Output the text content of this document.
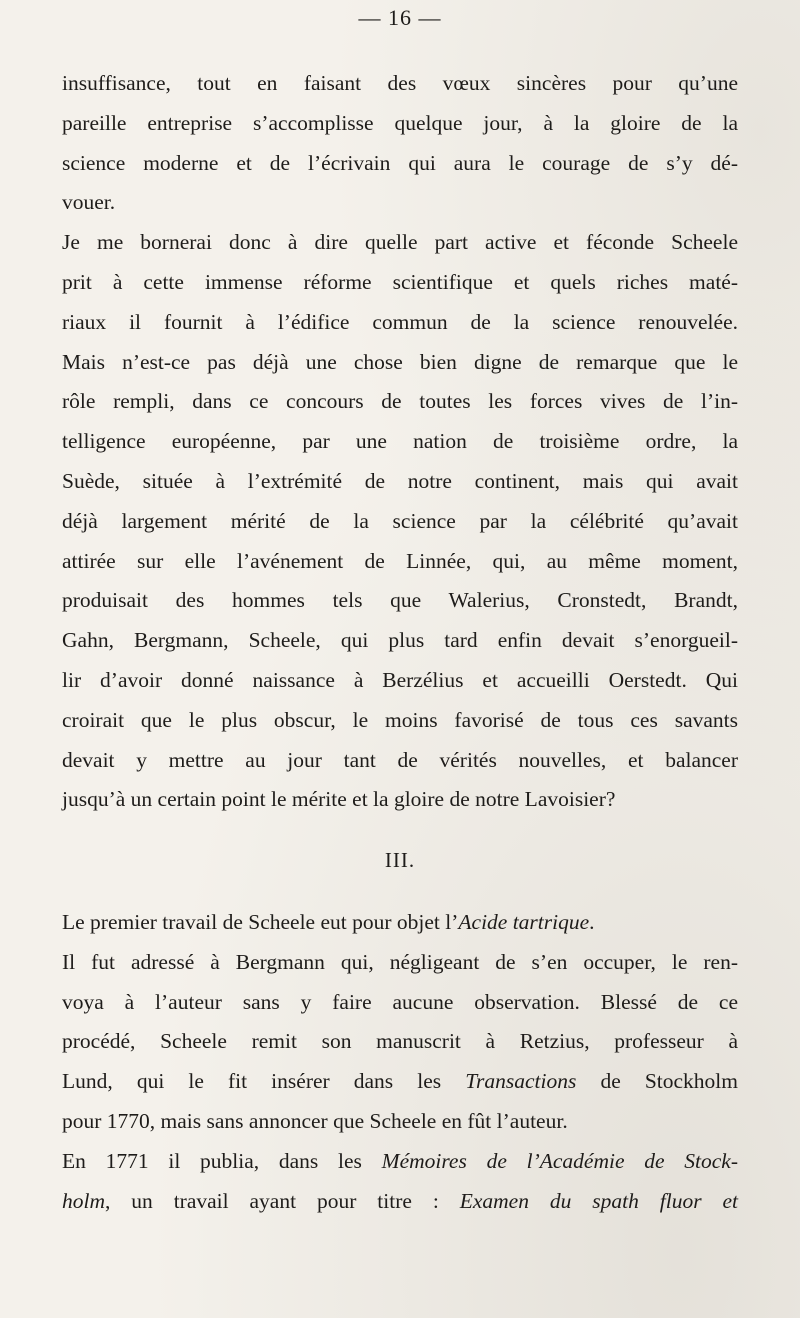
— 16 —
insuffisance, tout en faisant des vœux sincères pour qu’une
pareille entreprise s’accomplisse quelque jour, à la gloire de la
science moderne et de l’écrivain qui aura le courage de s’y dé-
vouer.
Je me bornerai donc à dire quelle part active et féconde Scheele
prit à cette immense réforme scientifique et quels riches maté-
riaux il fournit à l’édifice commun de la science renouvelée.
Mais n’est-ce pas déjà une chose bien digne de remarque que le
rôle rempli, dans ce concours de toutes les forces vives de l’in-
telligence européenne, par une nation de troisième ordre, la
Suède, située à l’extrémité de notre continent, mais qui avait
déjà largement mérité de la science par la célébrité qu’avait
attirée sur elle l’avénement de Linnée, qui, au même moment,
produisait des hommes tels que Walerius, Cronstedt, Brandt,
Gahn, Bergmann, Scheele, qui plus tard enfin devait s’enorgueil-
lir d’avoir donné naissance à Berzélius et accueilli Oerstedt. Qui
croirait que le plus obscur, le moins favorisé de tous ces savants
devait y mettre au jour tant de vérités nouvelles, et balancer
jusqu’à un certain point le mérite et la gloire de notre Lavoisier?
III.
Le premier travail de Scheele eut pour objet l’Acide tartrique.
Il fut adressé à Bergmann qui, négligeant de s’en occuper, le ren-
voya à l’auteur sans y faire aucune observation. Blessé de ce
procédé, Scheele remit son manuscrit à Retzius, professeur à
Lund, qui le fit insérer dans les Transactions de Stockholm
pour 1770, mais sans annoncer que Scheele en fût l’auteur.
En 1771 il publia, dans les Mémoires de l’Académie de Stock-
holm, un travail ayant pour titre : Examen du spath fluor et
